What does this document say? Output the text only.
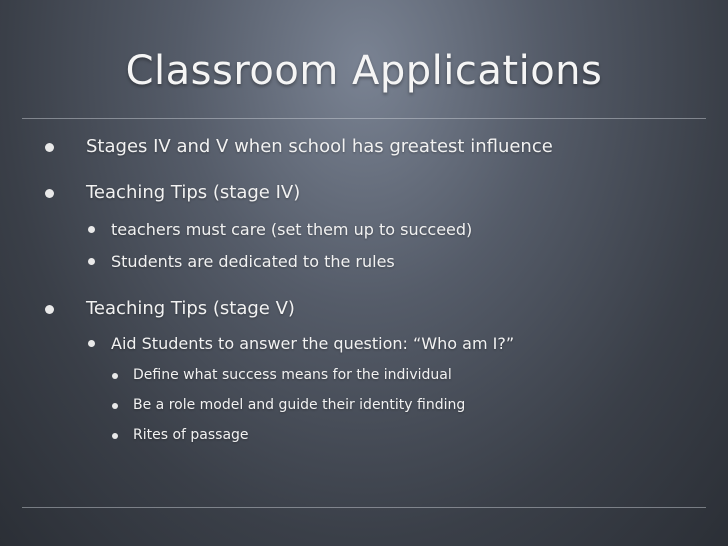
Classroom Applications
Stages IV and V when school has greatest influence
Teaching Tips (stage IV)
teachers must care (set them up to succeed)
Students are dedicated to the rules
Teaching Tips (stage V)
Aid Students to answer the question: “Who am I?”
Define what success means for the individual
Be a role model and guide their identity finding
Rites of passage
